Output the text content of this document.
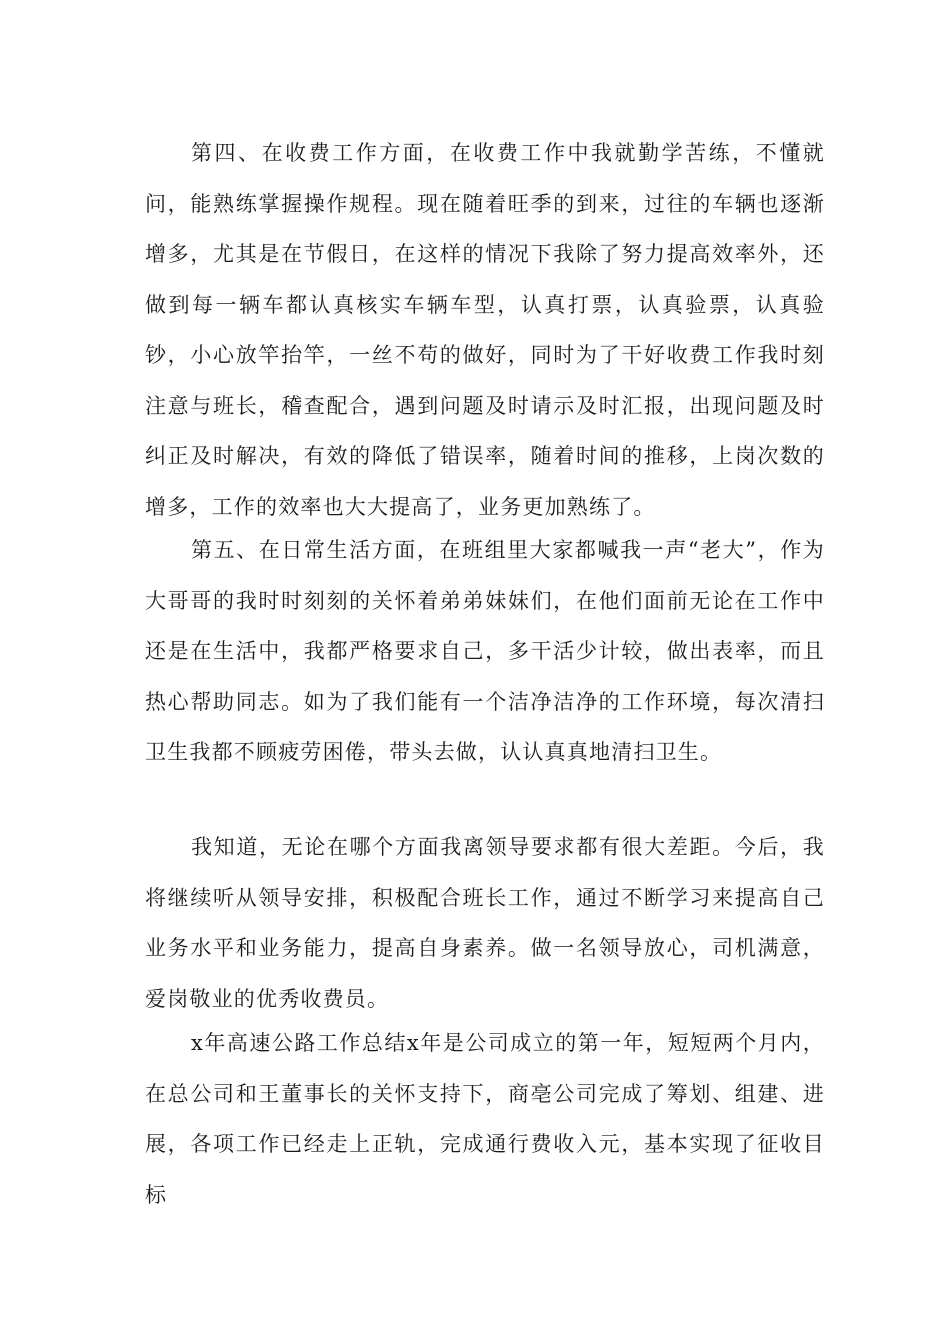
第四、在收费工作方面，在收费工作中我就勤学苦练，不懂就问，能熟练掌握操作规程。现在随着旺季的到来，过往的车辆也逐渐增多，尤其是在节假日，在这样的情况下我除了努力提高效率外，还做到每一辆车都认真核实车辆车型，认真打票，认真验票，认真验钞，小心放竿抬竿，一丝不苟的做好，同时为了干好收费工作我时刻注意与班长，稽查配合，遇到问题及时请示及时汇报，出现问题及时纠正及时解决，有效的降低了错误率，随着时间的推移，上岗次数的增多，工作的效率也大大提高了，业务更加熟练了。

第五、在日常生活方面，在班组里大家都喊我一声“老大”，作为大哥哥的我时时刻刻的关怀着弟弟妹妹们，在他们面前无论在工作中还是在生活中，我都严格要求自己，多干活少计较，做出表率，而且热心帮助同志。如为了我们能有一个洁净洁净的工作环境，每次清扫卫生我都不顾疲劳困倦，带头去做，认认真真地清扫卫生。

我知道，无论在哪个方面我离领导要求都有很大差距。今后，我将继续听从领导安排，积极配合班长工作，通过不断学习来提高自己业务水平和业务能力，提高自身素养。做一名领导放心，司机满意，爱岗敬业的优秀收费员。

x年高速公路工作总结x年是公司成立的第一年，短短两个月内，在总公司和王董事长的关怀支持下，商亳公司完成了筹划、组建、进展，各项工作已经走上正轨，完成通行费收入元，基本实现了征收目标
